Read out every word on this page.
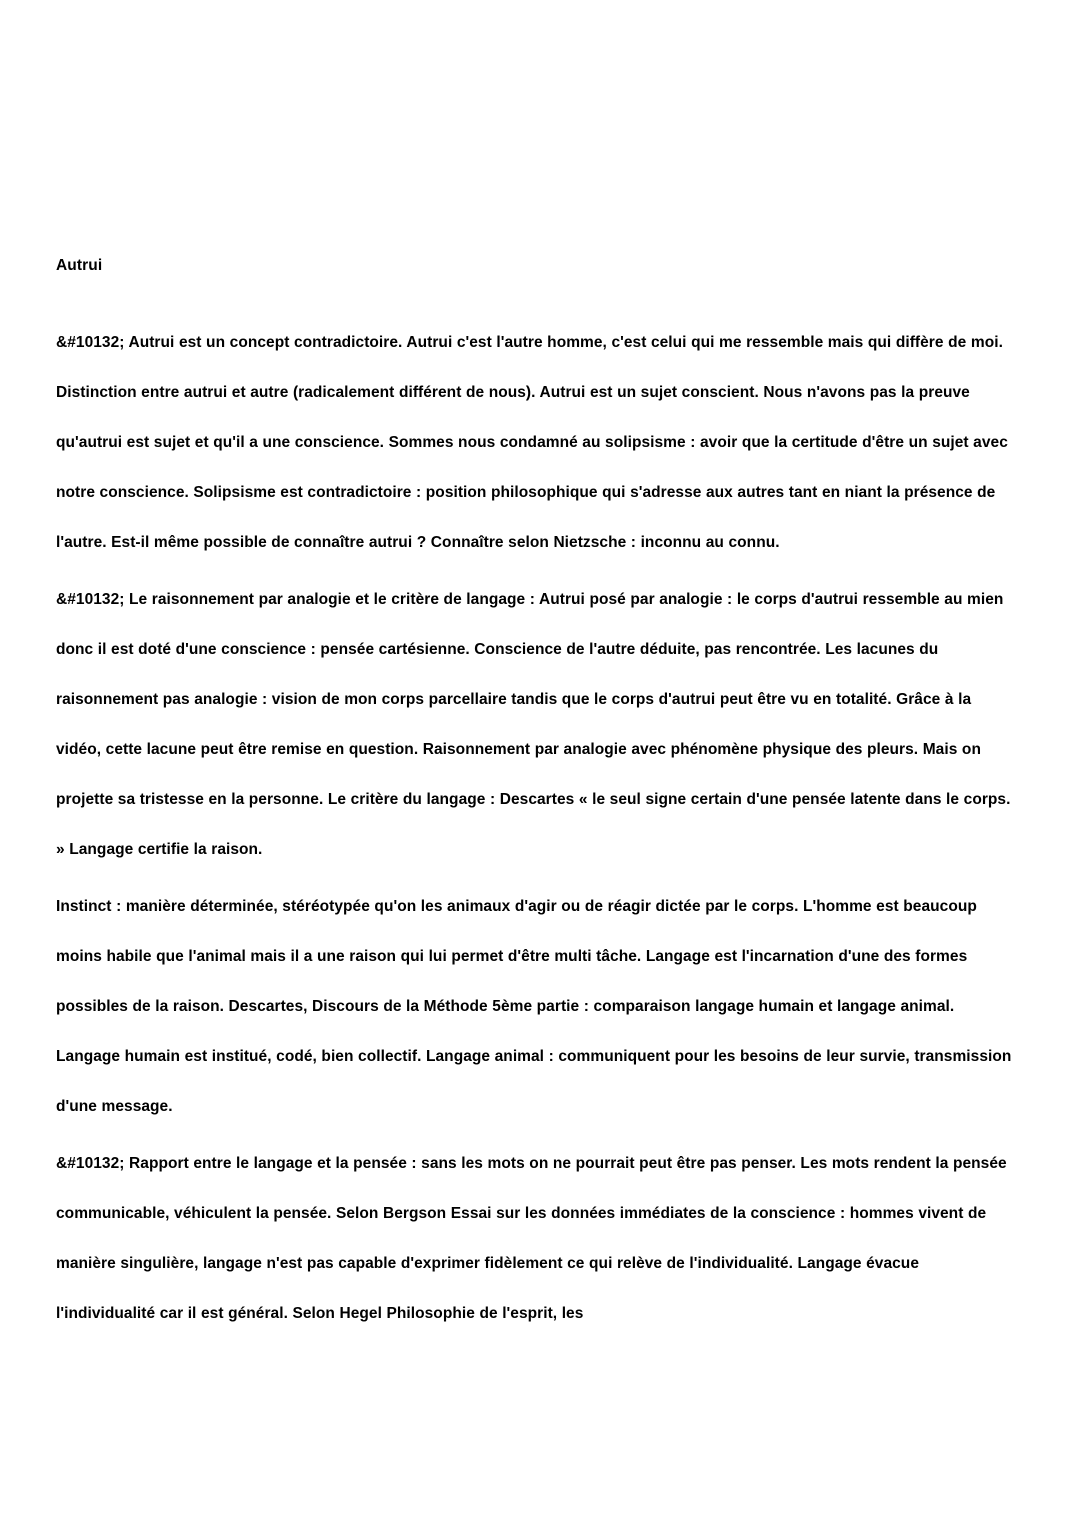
Autrui

&#10132; Autrui est un concept contradictoire. Autrui c'est l'autre homme, c'est celui qui me ressemble mais qui diffère de moi. Distinction entre autrui et autre (radicalement différent de nous). Autrui est un sujet conscient. Nous n'avons pas la preuve qu'autrui est sujet et qu'il a une conscience. Sommes nous condamné au solipsisme : avoir que la certitude d'être un sujet avec notre conscience. Solipsisme est contradictoire : position philosophique qui s'adresse aux autres tant en niant la présence de l'autre. Est-il même possible de connaître autrui ? Connaître selon Nietzsche : inconnu au connu.

&#10132; Le raisonnement par analogie et le critère de langage : Autrui posé par analogie : le corps d'autrui ressemble au mien donc il est doté d'une conscience : pensée cartésienne. Conscience de l'autre déduite, pas rencontrée. Les lacunes du raisonnement pas analogie : vision de mon corps parcellaire tandis que le corps d'autrui peut être vu en totalité. Grâce à la vidéo, cette lacune peut être remise en question. Raisonnement par analogie avec phénomène physique des pleurs. Mais on projette sa tristesse en la personne. Le critère du langage : Descartes « le seul signe certain d'une pensée latente dans le corps. » Langage certifie la raison.

Instinct : manière déterminée, stéréotypée qu'on les animaux d'agir ou de réagir dictée par le corps. L'homme est beaucoup moins habile que l'animal mais il a une raison qui lui permet d'être multi tâche. Langage est l'incarnation d'une des formes possibles de la raison. Descartes, Discours de la Méthode 5ème partie : comparaison langage humain et langage animal. Langage humain est institué, codé, bien collectif. Langage animal : communiquent pour les besoins de leur survie, transmission d'une message.

&#10132; Rapport entre le langage et la pensée : sans les mots on ne pourrait peut être pas penser. Les mots rendent la pensée communicable, véhiculent la pensée. Selon Bergson Essai sur les données immédiates de la conscience : hommes vivent de manière singulière, langage n'est pas capable d'exprimer fidèlement ce qui relève de l'individualité. Langage évacue l'individualité car il est général. Selon Hegel Philosophie de l'esprit, les
